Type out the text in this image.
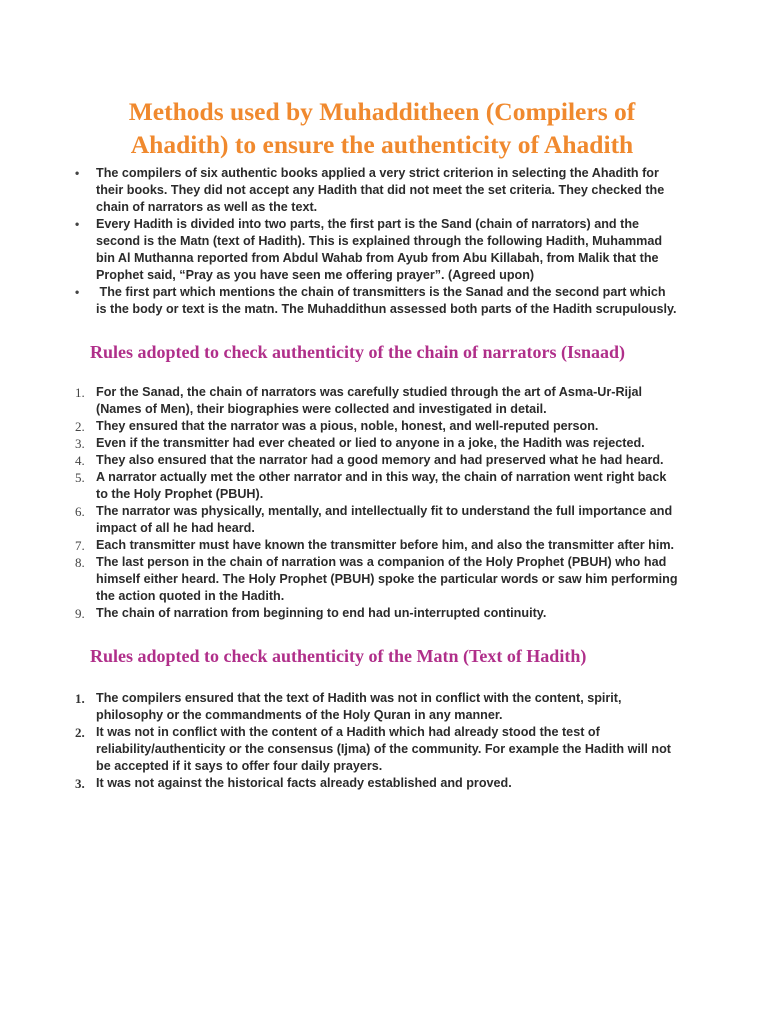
Methods used by Muhadditheen (Compilers of
Ahadith) to ensure the authenticity of Ahadith
• The compilers of six authentic books applied a very strict criterion in selecting the Ahadith for their books. They did not accept any Hadith that did not meet the set criteria. They checked the chain of narrators as well as the text.
• Every Hadith is divided into two parts, the first part is the Sand (chain of narrators) and the second is the Matn (text of Hadith). This is explained through the following Hadith, Muhammad bin Al Muthanna reported from Abdul Wahab from Ayub from Abu Killabah, from Malik that the Prophet said, “Pray as you have seen me offering prayer”. (Agreed upon)
• The first part which mentions the chain of transmitters is the Sanad and the second part which is the body or text is the matn. The Muhaddithun assessed both parts of the Hadith scrupulously.
Rules adopted to check authenticity of the chain of narrators (Isnaad)
1. For the Sanad, the chain of narrators was carefully studied through the art of Asma-Ur-Rijal (Names of Men), their biographies were collected and investigated in detail.
2. They ensured that the narrator was a pious, noble, honest, and well-reputed person.
3. Even if the transmitter had ever cheated or lied to anyone in a joke, the Hadith was rejected.
4. They also ensured that the narrator had a good memory and had preserved what he had heard.
5. A narrator actually met the other narrator and in this way, the chain of narration went right back to the Holy Prophet (PBUH).
6. The narrator was physically, mentally, and intellectually fit to understand the full importance and impact of all he had heard.
7. Each transmitter must have known the transmitter before him, and also the transmitter after him.
8. The last person in the chain of narration was a companion of the Holy Prophet (PBUH) who had himself either heard. The Holy Prophet (PBUH) spoke the particular words or saw him performing the action quoted in the Hadith.
9. The chain of narration from beginning to end had un-interrupted continuity.
Rules adopted to check authenticity of the Matn (Text of Hadith)
1. The compilers ensured that the text of Hadith was not in conflict with the content, spirit, philosophy or the commandments of the Holy Quran in any manner.
2. It was not in conflict with the content of a Hadith which had already stood the test of reliability/authenticity or the consensus (Ijma) of the community. For example the Hadith will not be accepted if it says to offer four daily prayers.
3. It was not against the historical facts already established and proved.
